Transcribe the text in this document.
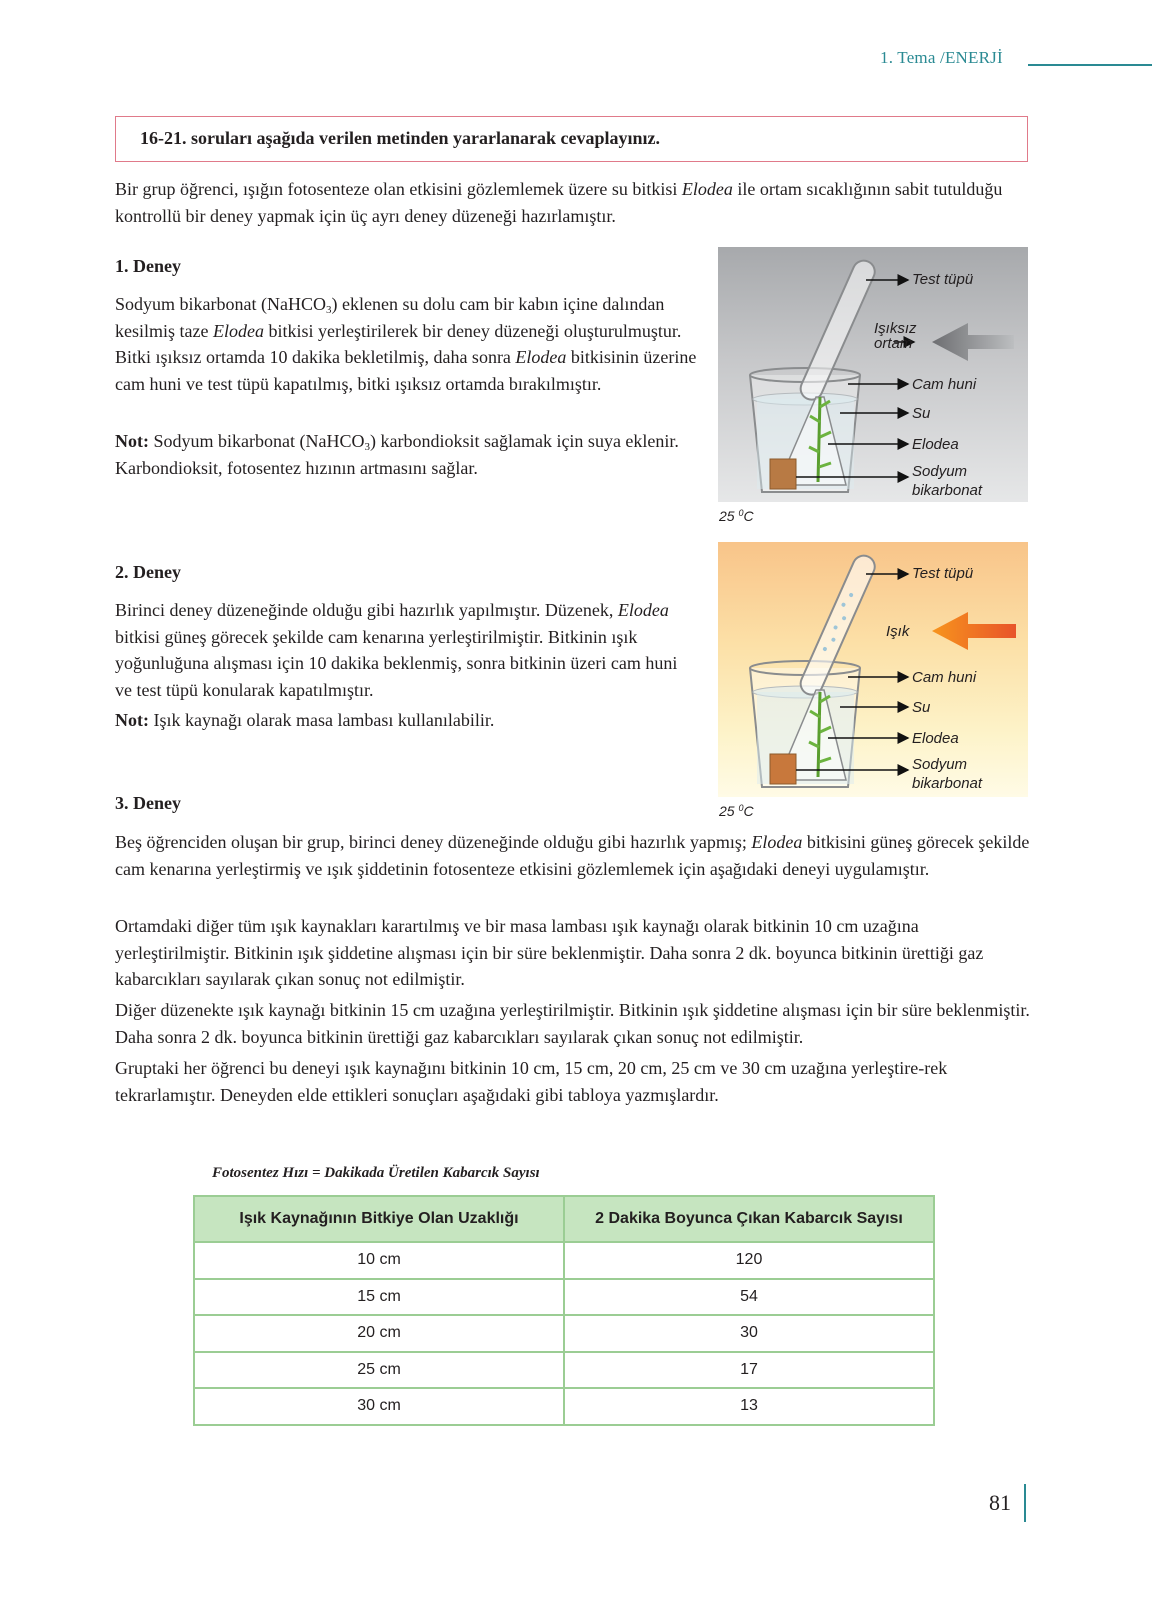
1. Tema /ENERJİ
16-21. soruları aşağıda verilen metinden yararlanarak cevaplayınız.

Bir grup öğrenci, ışığın fotosenteze olan etkisini gözlemlemek üzere su bitkisi Elodea ile ortam sıcaklığının sabit tutulduğu kontrollü bir deney yapmak için üç ayrı deney düzeneği hazırlamıştır.

1. Deney

Sodyum bikarbonat (NaHCO$_3$) eklenen su dolu cam bir kabın içine dalından kesilmiş taze Elodea bitkisi yerleştirilerek bir deney düzeneği oluşturulmuştur. Bitki ışıksız ortamda 10 dakika bekletilmiş, daha sonra Elodea bitkisinin üzerine cam huni ve test tüpü kapatılmış, bitki ışıksız ortamda bırakılmıştır.

Not: Sodyum bikarbonat (NaHCO$_3$) karbondioksit sağlamak için suya eklenir. Karbondioksit, fotosentez hızının artmasını sağlar.

Test tüpü
Işıksız
ortam
Cam huni
Su
Elodea
Sodyum
bikarbonat
25 $^0$C
2. Deney

Birinci deney düzeneğinde olduğu gibi hazırlık yapılmıştır. Düzenek, Elodea bitkisi güneş görecek şekilde cam kenarına yerleştirilmiştir. Bitkinin ışık yoğunluğuna alışması için 10 dakika beklenmiş, sonra bitkinin üzeri cam huni ve test tüpü konularak kapatılmıştır.

Not: Işık kaynağı olarak masa lambası kullanılabilir.

Test tüpü
Işık
Cam huni
Su
Elodea
Sodyum
bikarbonat
25 $^0$C
3. Deney

Beş öğrenciden oluşan bir grup, birinci deney düzeneğinde olduğu gibi hazırlık yapmış; Elodea bitkisini güneş görecek şekilde cam kenarına yerleştirmiş ve ışık şiddetinin fotosenteze etkisini gözlemlemek için aşağıdaki deneyi uygulamıştır.

Ortamdaki diğer tüm ışık kaynakları karartılmış ve bir masa lambası ışık kaynağı olarak bitkinin 10 cm uzağına yerleştirilmiştir. Bitkinin ışık şiddetine alışması için bir süre beklenmiştir. Daha sonra 2 dk. boyunca bitkinin ürettiği gaz kabarcıkları sayılarak çıkan sonuç not edilmiştir.

Diğer düzenekte ışık kaynağı bitkinin 15 cm uzağına yerleştirilmiştir. Bitkinin ışık şiddetine alışması için bir süre beklenmiştir. Daha sonra 2 dk. boyunca bitkinin ürettiği gaz kabarcıkları sayılarak çıkan sonuç not edilmiştir.

Gruptaki her öğrenci bu deneyi ışık kaynağını bitkinin 10 cm, 15 cm, 20 cm, 25 cm ve 30 cm uzağına yerleştire-rek tekrarlamıştır. Deneyden elde ettikleri sonuçları aşağıdaki gibi tabloya yazmışlardır.

Fotosentez Hızı = Dakikada Üretilen Kabarcık Sayısı
Işık Kaynağının Bitkiye Olan Uzaklığı	2 Dakika Boyunca Çıkan Kabarcık Sayısı
10 cm	120
15 cm	54
20 cm	30
25 cm	17
30 cm	13
81
